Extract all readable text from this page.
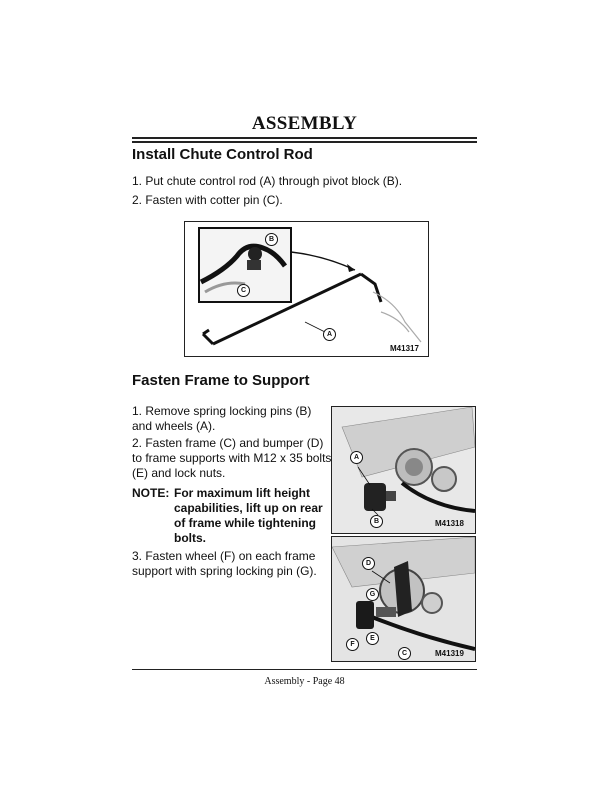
ASSEMBLY
Install Chute Control Rod
1. Put chute control rod (A) through pivot block (B).
2. Fasten with cotter pin (C).
B
C
A
M41317
Fasten Frame to Support
1. Remove spring locking pins (B) and wheels (A).
2. Fasten frame (C) and bumper (D) to frame supports with M12 x 35 bolts (E) and lock nuts.
NOTE: For maximum lift height capabilities, lift up on rear of frame while tightening bolts.
3. Fasten wheel (F) on each frame support with spring locking pin (G).
A
B	M41318
D
G
E
F
C	M41319
Assembly - Page 48
